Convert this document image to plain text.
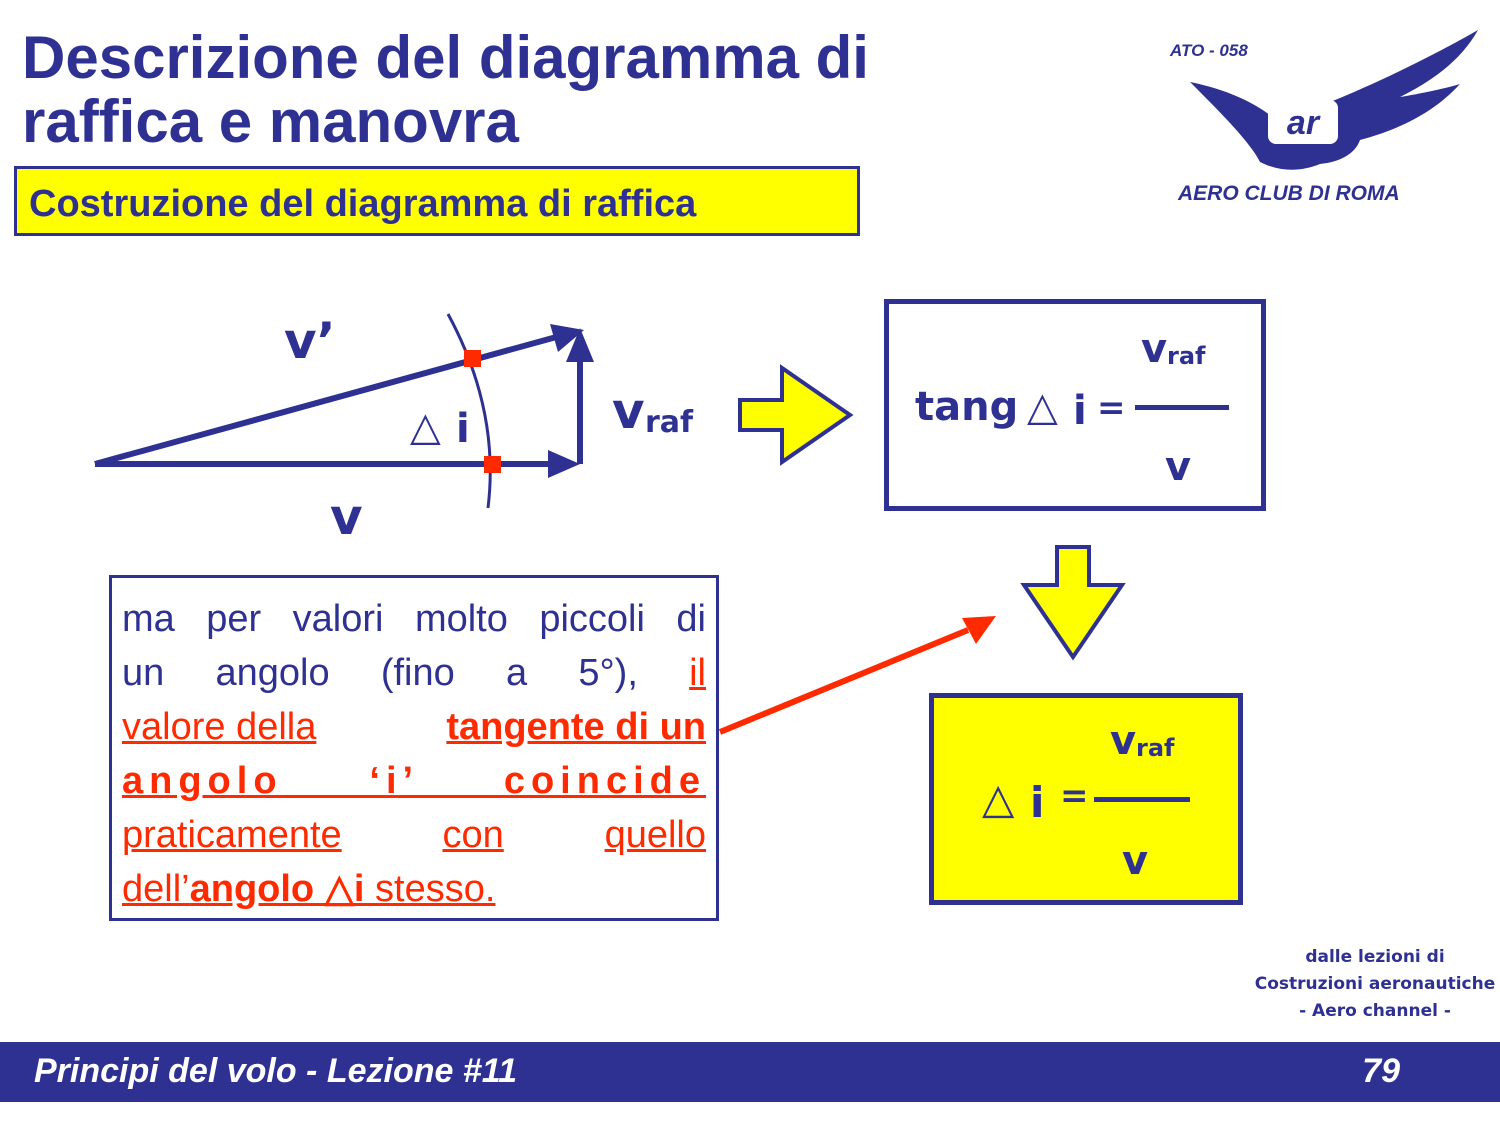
Descrizione del diagramma di raffica e manovra
Costruzione del diagramma di raffica
ATO - 058
ar
AERO CLUB DI ROMA
v’
v
v raf
△ i	tang △ i =
v raf
v
△ i =
v raf
v
ma per valori molto piccoli di
un angolo (fino a 5°), il
valore della	tangente di un
angolo ‘i’ coincide
praticamente	con	quello
dell’ angolo △i stesso.
dalle lezioni di
Costruzioni aeronautiche
- Aero channel -
Principi del volo - Lezione #11	79
